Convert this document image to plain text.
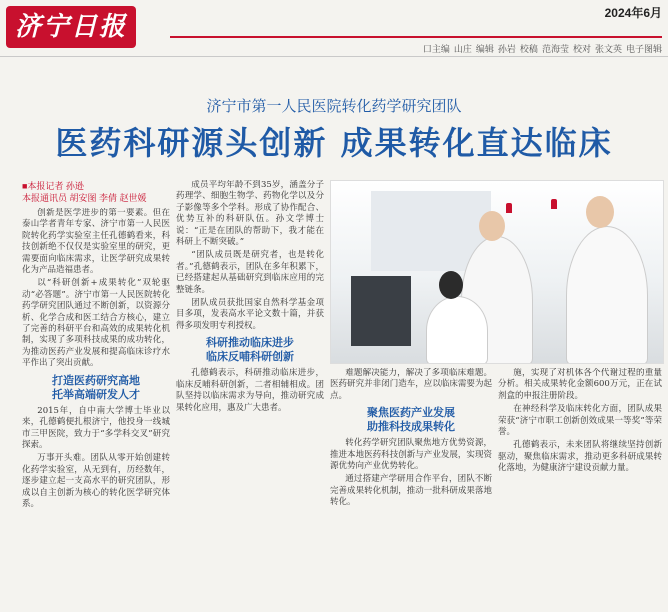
济宁日报	2024年6月
口主编 山庄 编辑 孙岩 校稿 范海莹 校对 张文英 电子图辑
济宁市第一人民医院转化药学研究团队
医药科研源头创新 成果转化直达临床
■本报记者 孙逊
本报通讯员 胡安图 李倩 赵世媛

创新是医学进步的第一要素。但在泰山学者青年专家、济宁市第一人民医院转化药学实验室主任孔德鹤看来，科技创新绝不仅仅是实验室里的研究，更需要面向临床需求，让医学研究成果转化为产品造福患者。

以“科研创新+成果转化”双轮驱动“必答题”。济宁市第一人民医院转化药学研究团队通过不断创新，以资源分析、化学合成和医工结合方核心，建立了完善的科研平台和高效的成果转化机制，实现了多项科技成果的成功转化，为推动医药产业发展和提高临床诊疗水平作出了突出贡献。

打造医药研究高地
托举高端研发人才

2015年，自中南大学博士毕业以来，孔德鹤便扎根济宁，他投身一线城市三甲医院，致力于“多学科交叉”研究探索。

万事开头难。团队从零开始创建转化药学实验室，从无到有，历经数年，逐步建立起一支高水平的研究团队，形成以自主创新为核心的转化医学研究体系。

成员平均年龄不到35岁，涵盖分子药理学、细胞生物学、药物化学以及分子影像等多个学科。形成了协作配合、优势互补的科研队伍。孙文学博士说：“正是在团队的帮助下，我才能在科研上不断突破。”

“团队成员既是研究者，也是转化者。”孔德鹤表示，团队在多年积累下，已经搭建起从基础研究到临床应用的完整链条。

团队成员获批国家自然科学基金项目多项，发表高水平论文数十篇，并获得多项发明专利授权。

科研推动临床进步
临床反哺科研创新

孔德鹤表示，科研推动临床进步，临床反哺科研创新，二者相辅相成。团队坚持以临床需求为导向，推动研究成果转化应用，惠及广大患者。

难题解决能力，解决了多项临床难题。医药研究并非闭门造车，应以临床需要为起点。

聚焦医药产业发展
助推科技成果转化

转化药学研究团队聚焦地方优势资源，推进本地医药科技创新与产业发展，实现资源优势向产业优势转化。

通过搭建产学研用合作平台，团队不断完善成果转化机制，推动一批科研成果落地转化。

施，实现了对机体各个代谢过程的重量分析。相关成果转化金额600万元，正在试剂盒的申报注册阶段。

在神经科学及临床转化方面，团队成果荣获“济宁市职工创新创效成果一等奖”等荣誉。

孔德鹤表示，未来团队将继续坚持创新驱动，聚焦临床需求，推动更多科研成果转化落地，为健康济宁建设贡献力量。
